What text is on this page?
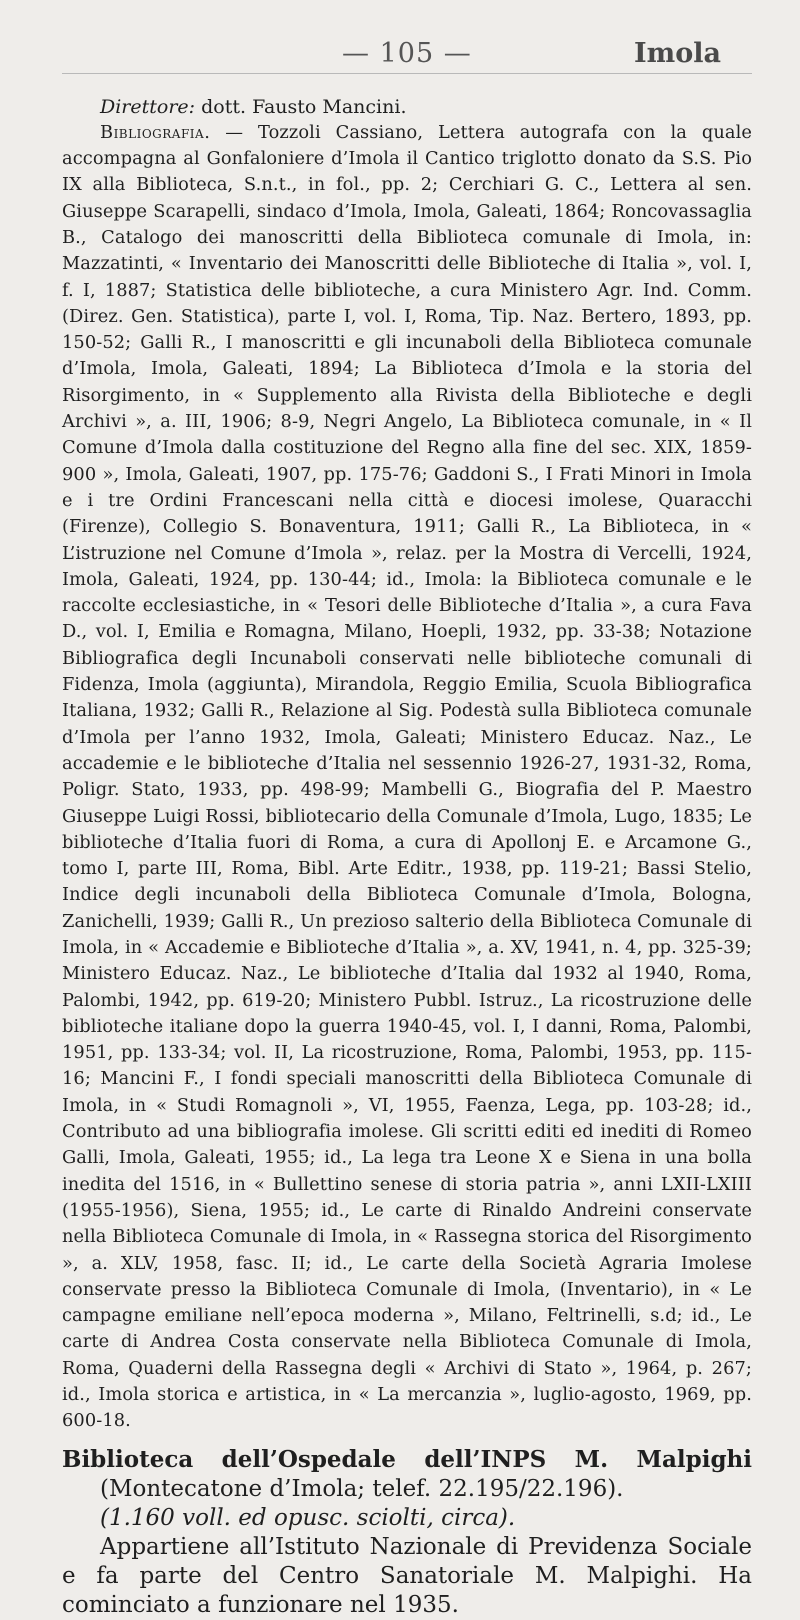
— 105 —	Imola

Direttore: dott. Fausto Mancini.

Bibliografia. — Tozzoli Cassiano, Lettera autografa con la quale accompagna al Gonfaloniere d’Imola il Cantico triglotto donato da S.S. Pio IX alla Biblioteca, S.n.t., in fol., pp. 2; Cerchiari G. C., Lettera al sen. Giuseppe Scarapelli, sindaco d’Imola, Imola, Galeati, 1864; Roncovassaglia B., Catalogo dei manoscritti della Biblioteca comunale di Imola, in: Mazzatinti, « Inventario dei Manoscritti delle Biblioteche di Italia », vol. I, f. I, 1887; Statistica delle biblioteche, a cura Ministero Agr. Ind. Comm. (Direz. Gen. Statistica), parte I, vol. I, Roma, Tip. Naz. Bertero, 1893, pp. 150-52; Galli R., I manoscritti e gli incunaboli della Biblioteca comunale d’Imola, Imola, Galeati, 1894; La Biblioteca d’Imola e la storia del Risorgimento, in « Supplemento alla Rivista della Biblioteche e degli Archivi », a. III, 1906; 8-9, Negri Angelo, La Biblioteca comunale, in « Il Comune d’Imola dalla costituzione del Regno alla fine del sec. XIX, 1859-900 », Imola, Galeati, 1907, pp. 175-76; Gaddoni S., I Frati Minori in Imola e i tre Ordini Francescani nella città e diocesi imolese, Quaracchi (Firenze), Collegio S. Bonaventura, 1911; Galli R., La Biblioteca, in « L’istruzione nel Comune d’Imola », relaz. per la Mostra di Vercelli, 1924, Imola, Galeati, 1924, pp. 130-44; id., Imola: la Biblioteca comunale e le raccolte ecclesiastiche, in « Tesori delle Biblioteche d’Italia », a cura Fava D., vol. I, Emilia e Romagna, Milano, Hoepli, 1932, pp. 33-38; Notazione Bibliografica degli Incunaboli conservati nelle biblioteche comunali di Fidenza, Imola (aggiunta), Mirandola, Reggio Emilia, Scuola Bibliografica Italiana, 1932; Galli R., Relazione al Sig. Podestà sulla Biblioteca comunale d’Imola per l’anno 1932, Imola, Galeati; Ministero Educaz. Naz., Le accademie e le biblioteche d’Italia nel sessennio 1926-27, 1931-32, Roma, Poligr. Stato, 1933, pp. 498-99; Mambelli G., Biografia del P. Maestro Giuseppe Luigi Rossi, bibliotecario della Comunale d’Imola, Lugo, 1835; Le biblioteche d’Italia fuori di Roma, a cura di Apollonj E. e Arcamone G., tomo I, parte III, Roma, Bibl. Arte Editr., 1938, pp. 119-21; Bassi Stelio, Indice degli incunaboli della Biblioteca Comunale d’Imola, Bologna, Zanichelli, 1939; Galli R., Un prezioso salterio della Biblioteca Comunale di Imola, in « Accademie e Biblioteche d’Italia », a. XV, 1941, n. 4, pp. 325-39; Ministero Educaz. Naz., Le biblioteche d’Italia dal 1932 al 1940, Roma, Palombi, 1942, pp. 619-20; Ministero Pubbl. Istruz., La ricostruzione delle biblioteche italiane dopo la guerra 1940-45, vol. I, I danni, Roma, Palombi, 1951, pp. 133-34; vol. II, La ricostruzione, Roma, Palombi, 1953, pp. 115-16; Mancini F., I fondi speciali manoscritti della Biblioteca Comunale di Imola, in « Studi Romagnoli », VI, 1955, Faenza, Lega, pp. 103-28; id., Contributo ad una bibliografia imolese. Gli scritti editi ed inediti di Romeo Galli, Imola, Galeati, 1955; id., La lega tra Leone X e Siena in una bolla inedita del 1516, in « Bullettino senese di storia patria », anni LXII-LXIII (1955-1956), Siena, 1955; id., Le carte di Rinaldo Andreini conservate nella Biblioteca Comunale di Imola, in « Rassegna storica del Risorgimento », a. XLV, 1958, fasc. II; id., Le carte della Società Agraria Imolese conservate presso la Biblioteca Comunale di Imola, (Inventario), in « Le campagne emiliane nell’epoca moderna », Milano, Feltrinelli, s.d; id., Le carte di Andrea Costa conservate nella Biblioteca Comunale di Imola, Roma, Quaderni della Rassegna degli « Archivi di Stato », 1964, p. 267; id., Imola storica e artistica, in « La mercanzia », luglio-agosto, 1969, pp. 600-18.

Biblioteca dell’Ospedale dell’INPS M. Malpighi (Montecatone d’Imola; telef. 22.195/22.196).

(1.160 voll. ed opusc. sciolti, circa).

Appartiene all’Istituto Nazionale di Previdenza Sociale e fa parte del Centro Sanatoriale M. Malpighi. Ha cominciato a funzionare nel 1935.
